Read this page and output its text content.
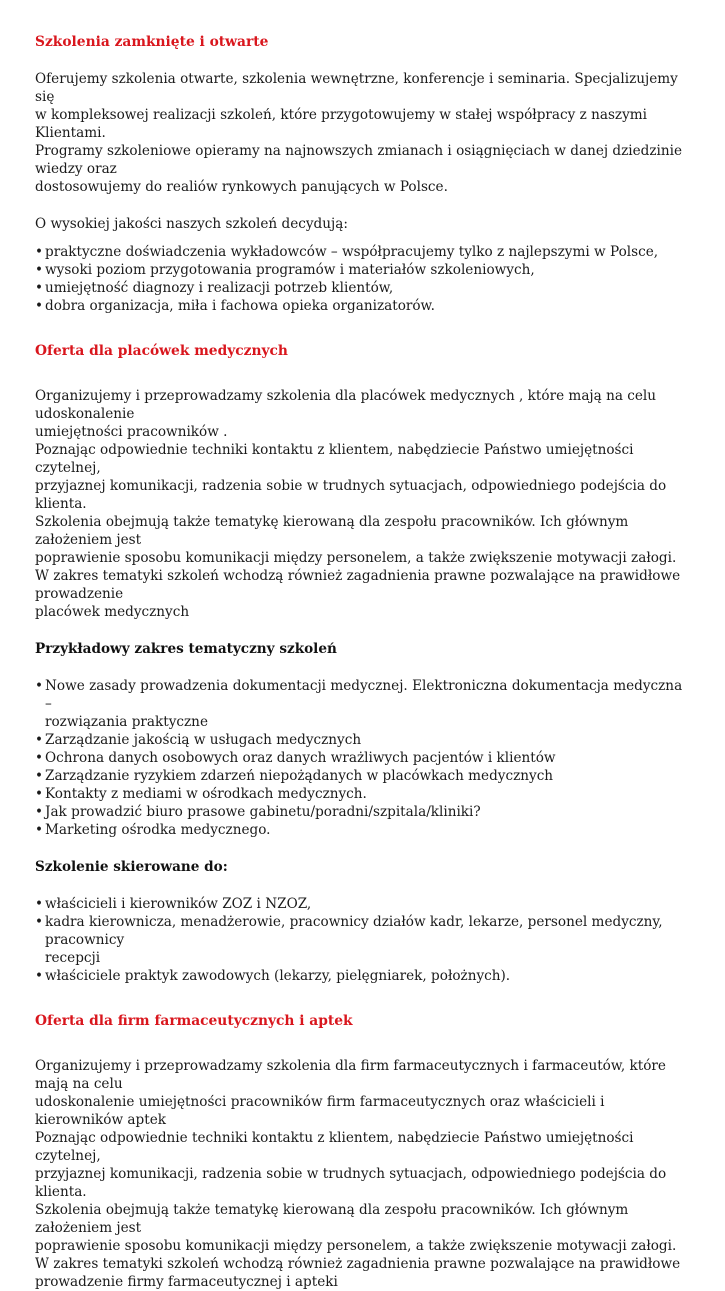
Szkolenia zamknięte i otwarte

Oferujemy szkolenia otwarte, szkolenia wewnętrzne, konferencje i seminaria. Specjalizujemy się
w kompleksowej realizacji szkoleń, które przygotowujemy w stałej współpracy z naszymi Klientami.
Programy szkoleniowe opieramy na najnowszych zmianach i osiągnięciach w danej dziedzinie wiedzy oraz
dostosowujemy do realiów rynkowych panujących w Polsce.

O wysokiej jakości naszych szkoleń decydują:

• praktyczne doświadczenia wykładowców – współpracujemy tylko z najlepszymi w Polsce,
• wysoki poziom przygotowania programów i materiałów szkoleniowych,
• umiejętność diagnozy i realizacji potrzeb klientów,
• dobra organizacja, miła i fachowa opieka organizatorów.
Oferta dla placówek medycznych

Organizujemy i przeprowadzamy szkolenia dla placówek medycznych , które mają na celu udoskonalenie
umiejętności pracowników .
Poznając odpowiednie techniki kontaktu z klientem, nabędziecie Państwo umiejętności czytelnej,
przyjaznej komunikacji, radzenia sobie w trudnych sytuacjach, odpowiedniego podejścia do klienta.
Szkolenia obejmują także tematykę kierowaną dla zespołu pracowników. Ich głównym założeniem jest
poprawienie sposobu komunikacji między personelem, a także zwiększenie motywacji załogi.
W zakres tematyki szkoleń wchodzą również zagadnienia prawne pozwalające na prawidłowe prowadzenie
placówek medycznych

Przykładowy zakres tematyczny szkoleń
• Nowe zasady prowadzenia dokumentacji medycznej. Elektroniczna dokumentacja medyczna –
rozwiązania praktyczne
• Zarządzanie jakością w usługach medycznych
• Ochrona danych osobowych oraz danych wrażliwych pacjentów i klientów
• Zarządzanie ryzykiem zdarzeń niepożądanych w placówkach medycznych
• Kontakty z mediami w ośrodkach medycznych.
• Jak prowadzić biuro prasowe gabinetu/poradni/szpitala/kliniki?
• Marketing ośrodka medycznego.
Szkolenie skierowane do:
• właścicieli i kierowników ZOZ i NZOZ,
• kadra kierownicza, menadżerowie, pracownicy działów kadr, lekarze, personel medyczny, pracownicy
recepcji
• właściciele praktyk zawodowych (lekarzy, pielęgniarek, położnych).
Oferta dla firm farmaceutycznych i aptek

Organizujemy i przeprowadzamy szkolenia dla firm farmaceutycznych i farmaceutów, które mają na celu
udoskonalenie umiejętności pracowników firm farmaceutycznych oraz właścicieli i kierowników aptek
Poznając odpowiednie techniki kontaktu z klientem, nabędziecie Państwo umiejętności czytelnej,
przyjaznej komunikacji, radzenia sobie w trudnych sytuacjach, odpowiedniego podejścia do klienta.
Szkolenia obejmują także tematykę kierowaną dla zespołu pracowników. Ich głównym założeniem jest
poprawienie sposobu komunikacji między personelem, a także zwiększenie motywacji załogi.
W zakres tematyki szkoleń wchodzą również zagadnienia prawne pozwalające na prawidłowe
prowadzenie firmy farmaceutycznej i apteki
